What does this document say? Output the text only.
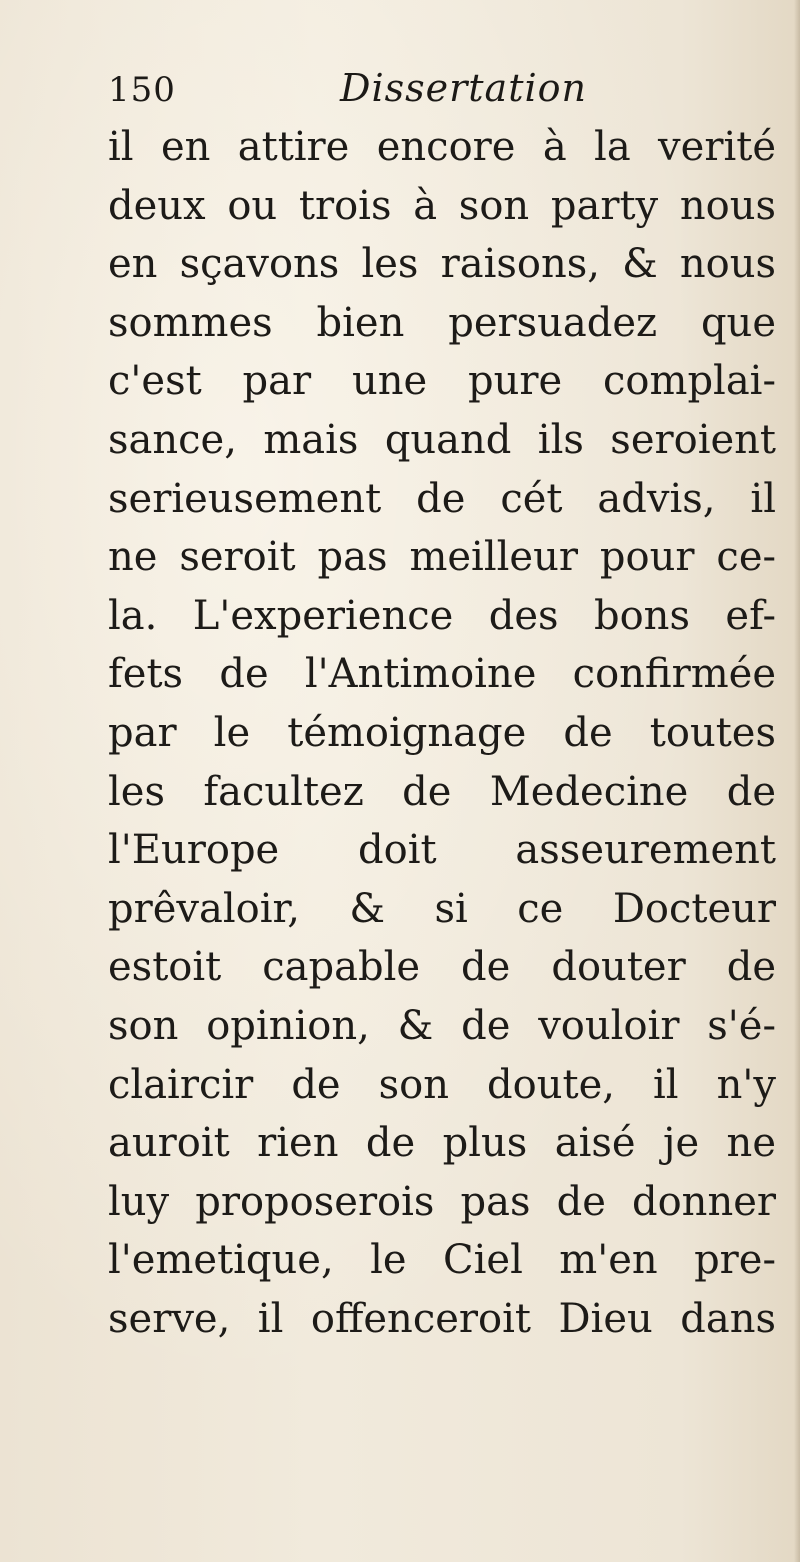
150	Dissertation
il en attire encore à la verité
deux ou trois à son party nous
en sçavons les raisons, & nous
sommes bien persuadez que
c'est par une pure complai-
sance, mais quand ils seroient
serieusement de cét advis, il
ne seroit pas meilleur pour ce-
la. L'experience des bons ef-
fets de l'Antimoine confirmée
par le témoignage de toutes
les facultez de Medecine de
l'Europe doit asseurement
prêvaloir, & si ce Docteur
estoit capable de douter de
son opinion, & de vouloir s'é-
claircir de son doute, il n'y
auroit rien de plus aisé je ne
luy proposerois pas de donner
l'emetique, le Ciel m'en pre-
serve, il offenceroit Dieu dans
